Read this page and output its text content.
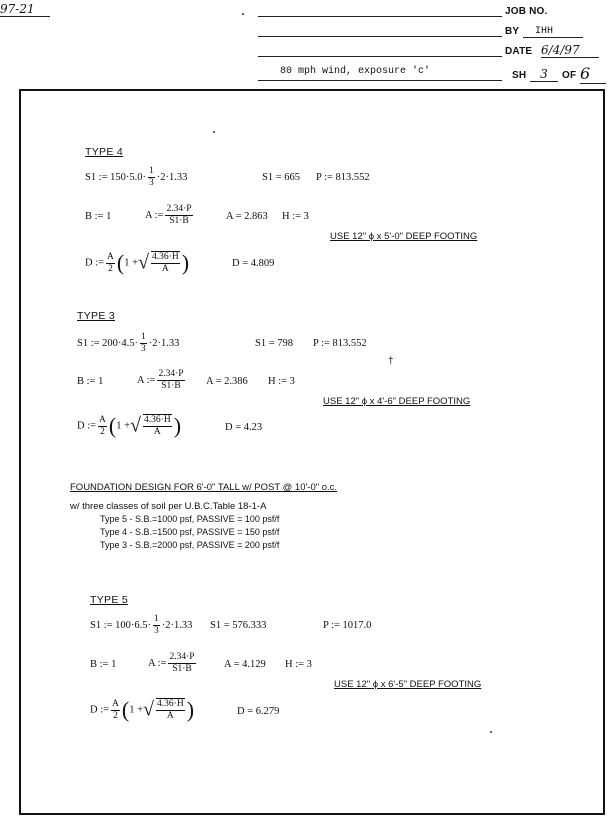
JOB NO.
97-21
BY	IHH
DATE 6/4/97
80 mph wind, exposure 'c'	SH	3	OF 6
TYPE 4
S1 := $150\cdot 5.0\cdot \frac{1}{3} \cdot 2\cdot 1.33$	S1 = 665 P := 813.552
B := 1	A := $\frac{2.34\cdot P}{S1\cdot B}$	A = 2.863 H := 3
USE 12" ϕ x 5'-0" DEEP FOOTING
D := $\frac{A}{2} (1$ +√ $\frac{4.36\cdot H}{A}$ )	D = 4.809
TYPE 3
S1 := $200\cdot 4.5\cdot \frac{1}{3} \cdot 2\cdot 1.33$	S1 = 798 P := 813.552
†
B := 1	A := $\frac{2.34\cdot P}{S1\cdot B}$ A = 2.386 H := 3
USE 12" ϕ x 4'-6" DEEP FOOTING
D := $\frac{A}{2} (1$ +√ $\frac{4.36\cdot H}{A}$ )	D = 4.23
FOUNDATION DESIGN FOR 6'-0" TALL w/ POST @ 10'-0" o.c.
w/ three classes of soil per U.B.C.Table 18-1-A
Type 5 - S.B.=1000 psf, PASSIVE = 100 psf/f
Type 4 - S.B.=1500 psf, PASSIVE = 150 psf/f
Type 3 - S.B.=2000 psf, PASSIVE = 200 psf/f
TYPE 5
S1 := $100\cdot 6.5\cdot \frac{1}{3} \cdot 2\cdot 1.33$ S1 = 576.333	P := 1017.0
B := 1	A := $\frac{2.34\cdot P}{S1\cdot B}$	A = 4.129 H := 3
USE 12" ϕ x 6'-5" DEEP FOOTING
D := $\frac{A}{2} (1$ +√ $\frac{4.36\cdot H}{A}$ )	D = 6.279
